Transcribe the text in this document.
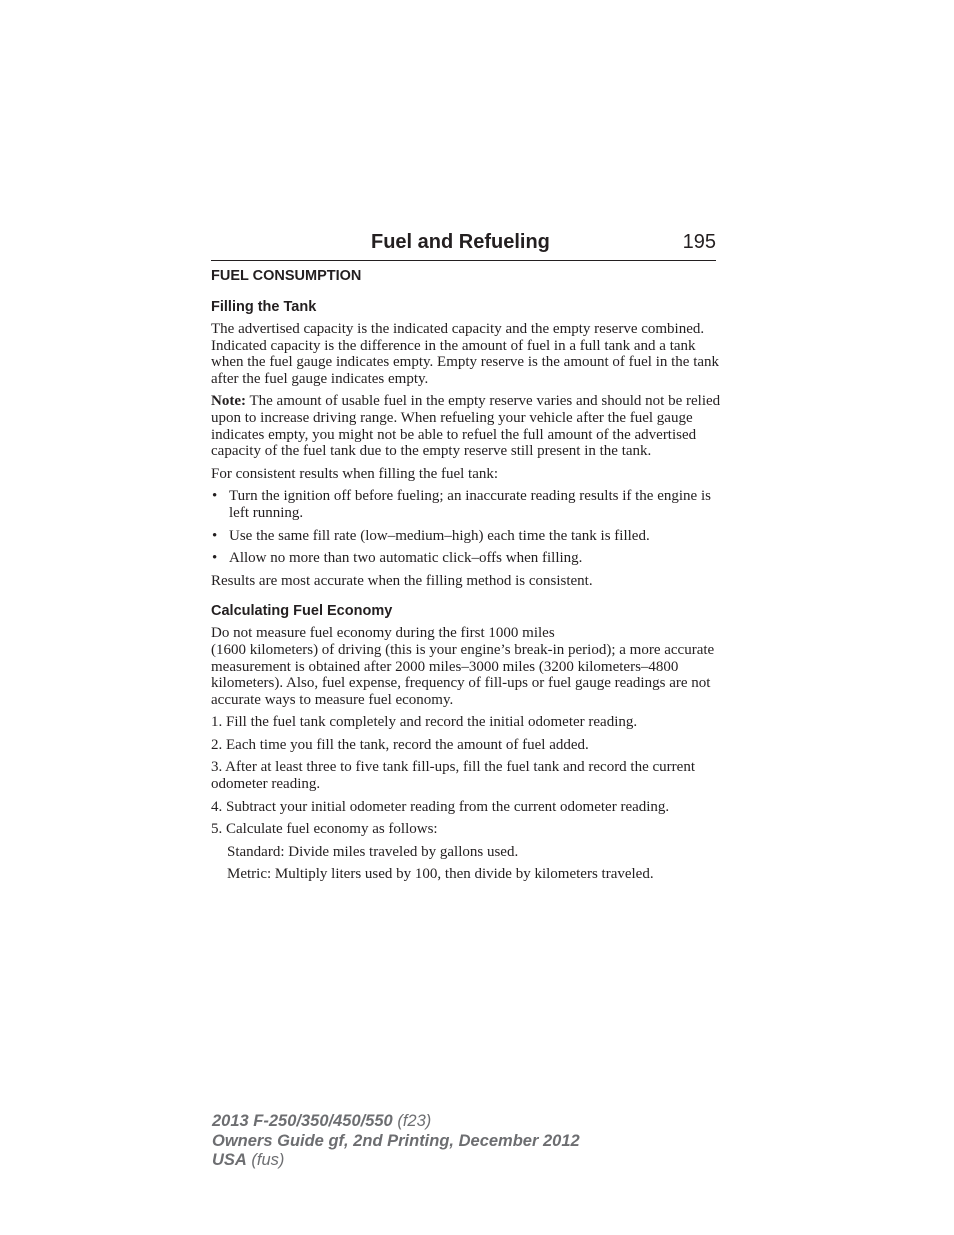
Fuel and Refueling	195
FUEL CONSUMPTION
Filling the Tank

The advertised capacity is the indicated capacity and the empty reserve combined. Indicated capacity is the difference in the amount of fuel in a full tank and a tank when the fuel gauge indicates empty. Empty reserve is the amount of fuel in the tank after the fuel gauge indicates empty.

Note: The amount of usable fuel in the empty reserve varies and should not be relied upon to increase driving range. When refueling your vehicle after the fuel gauge indicates empty, you might not be able to refuel the full amount of the advertised capacity of the fuel tank due to the empty reserve still present in the tank.

For consistent results when filling the fuel tank:

• Turn the ignition off before fueling; an inaccurate reading results if the engine is left running.
• Use the same fill rate (low–medium–high) each time the tank is filled.
• Allow no more than two automatic click–offs when filling.

Results are most accurate when the filling method is consistent.

Calculating Fuel Economy

Do not measure fuel economy during the first 1000 miles
(1600 kilometers) of driving (this is your engine’s break-in period); a more accurate measurement is obtained after 2000 miles–3000 miles (3200 kilometers–4800 kilometers). Also, fuel expense, frequency of fill-ups or fuel gauge readings are not accurate ways to measure fuel economy.

1. Fill the fuel tank completely and record the initial odometer reading.

2. Each time you fill the tank, record the amount of fuel added.

3. After at least three to five tank fill-ups, fill the fuel tank and record the current odometer reading.

4. Subtract your initial odometer reading from the current odometer reading.

5. Calculate fuel economy as follows:

Standard: Divide miles traveled by gallons used.

Metric: Multiply liters used by 100, then divide by kilometers traveled.

2013 F-250/350/450/550 (f23)
Owners Guide gf, 2nd Printing, December 2012
USA (fus)
